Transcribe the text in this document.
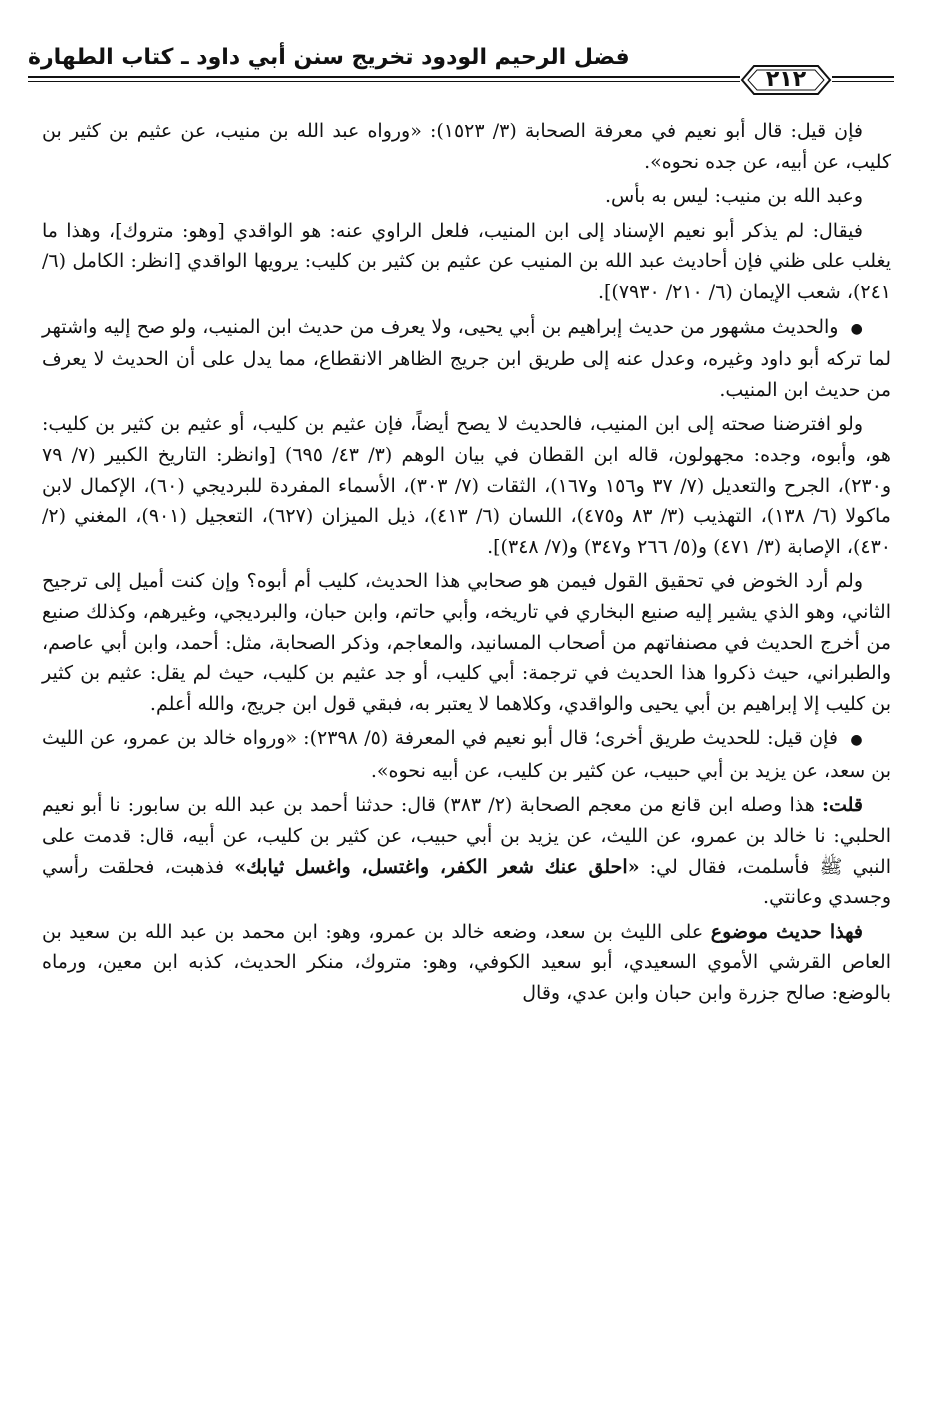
فضل الرحيم الودود تخريج سنن أبي داود ـ كتاب الطهارة
٢١٢

فإن قيل: قال أبو نعيم في معرفة الصحابة (٣/ ١٥٢٣): «ورواه عبد الله بن منيب، عن عثيم بن كثير بن كليب، عن أبيه، عن جده نحوه».

وعبد الله بن منيب: ليس به بأس.

فيقال: لم يذكر أبو نعيم الإسناد إلى ابن المنيب، فلعل الراوي عنه: هو الواقدي [وهو: متروك]، وهذا ما يغلب على ظني فإن أحاديث عبد الله بن المنيب عن عثيم بن كثير بن كليب: يرويها الواقدي [انظر: الكامل (٦/ ٢٤١)، شعب الإيمان (٦/ ٢١٠/ ٧٩٣٠)].

● والحديث مشهور من حديث إبراهيم بن أبي يحيى، ولا يعرف من حديث ابن المنيب، ولو صح إليه واشتهر لما تركه أبو داود وغيره، وعدل عنه إلى طريق ابن جريج الظاهر الانقطاع، مما يدل على أن الحديث لا يعرف من حديث ابن المنيب.

ولو افترضنا صحته إلى ابن المنيب، فالحديث لا يصح أيضاً، فإن عثيم بن كليب، أو عثيم بن كثير بن كليب: هو، وأبوه، وجده: مجهولون، قاله ابن القطان في بيان الوهم (٣/ ٤٣/ ٦٩٥) [وانظر: التاريخ الكبير (٧/ ٧٩ و٢٣٠)، الجرح والتعديل (٧/ ٣٧ و١٥٦ و١٦٧)، الثقات (٧/ ٣٠٣)، الأسماء المفردة للبرديجي (٦٠)، الإكمال لابن ماكولا (٦/ ١٣٨)، التهذيب (٣/ ٨٣ و٤٧٥)، اللسان (٦/ ٤١٣)، ذيل الميزان (٦٢٧)، التعجيل (٩٠١)، المغني (٢/ ٤٣٠)، الإصابة (٣/ ٤٧١) و(٥/ ٢٦٦ و٣٤٧) و(٧/ ٣٤٨)].

ولم أرد الخوض في تحقيق القول فيمن هو صحابي هذا الحديث، كليب أم أبوه؟ وإن كنت أميل إلى ترجيح الثاني، وهو الذي يشير إليه صنيع البخاري في تاريخه، وأبي حاتم، وابن حبان، والبرديجي، وغيرهم، وكذلك صنيع من أخرج الحديث في مصنفاتهم من أصحاب المسانيد، والمعاجم، وذكر الصحابة، مثل: أحمد، وابن أبي عاصم، والطبراني، حيث ذكروا هذا الحديث في ترجمة: أبي كليب، أو جد عثيم بن كليب، حيث لم يقل: عثيم بن كثير بن كليب إلا إبراهيم بن أبي يحيى والواقدي، وكلاهما لا يعتبر به، فبقي قول ابن جريج، والله أعلم.

● فإن قيل: للحديث طريق أخرى؛ قال أبو نعيم في المعرفة (٥/ ٢٣٩٨): «ورواه خالد بن عمرو، عن الليث بن سعد، عن يزيد بن أبي حبيب، عن كثير بن كليب، عن أبيه نحوه».

قلت: هذا وصله ابن قانع من معجم الصحابة (٢/ ٣٨٣) قال: حدثنا أحمد بن عبد الله بن سابور: نا أبو نعيم الحلبي: نا خالد بن عمرو، عن الليث، عن يزيد بن أبي حبيب، عن كثير بن كليب، عن أبيه، قال: قدمت على النبي ﷺ فأسلمت، فقال لي: «احلق عنك شعر الكفر، واغتسل، واغسل ثيابك» فذهبت، فحلقت رأسي وجسدي وعانتي.

فهذا حديث موضوع على الليث بن سعد، وضعه خالد بن عمرو، وهو: ابن محمد بن عبد الله بن سعيد بن العاص القرشي الأموي السعيدي، أبو سعيد الكوفي، وهو: متروك، منكر الحديث، كذبه ابن معين، ورماه بالوضع: صالح جزرة وابن حبان وابن عدي، وقال
